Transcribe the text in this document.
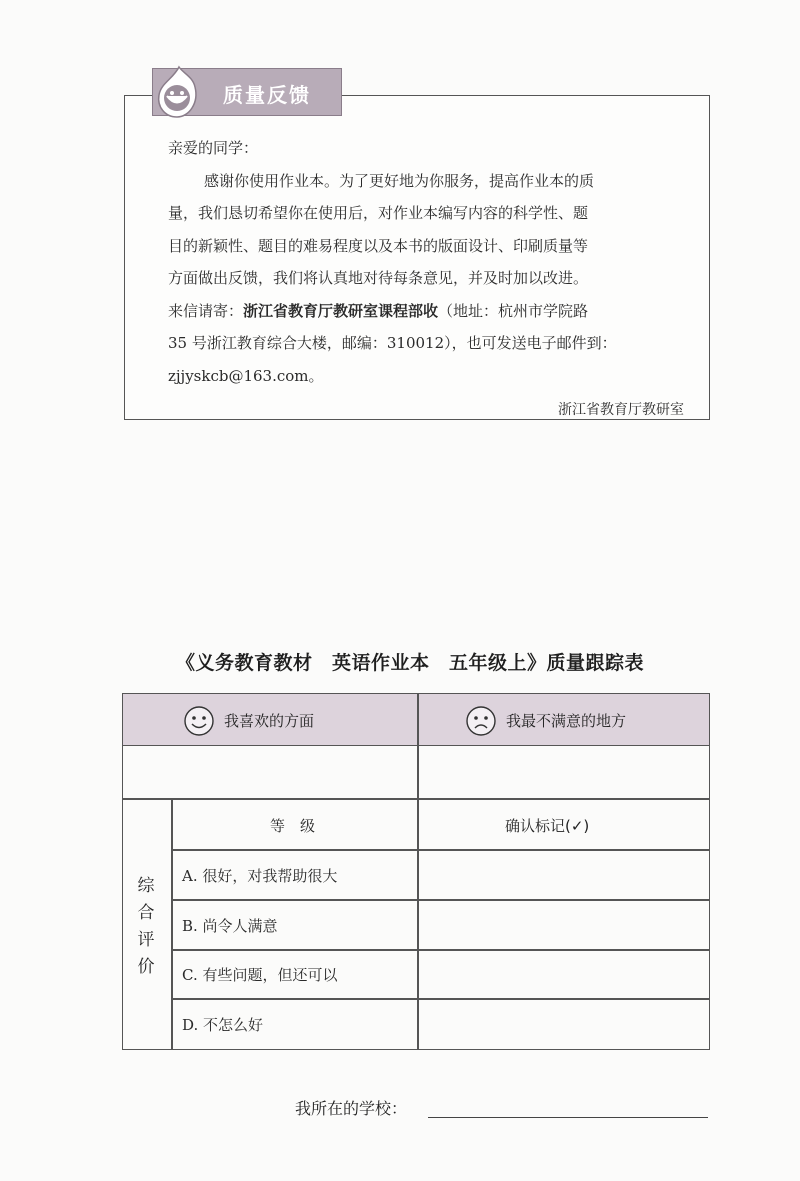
质量反馈

亲爱的同学：

感谢你使用作业本。为了更好地为你服务，提高作业本的质

量，我们恳切希望你在使用后，对作业本编写内容的科学性、题

目的新颖性、题目的难易程度以及本书的版面设计、印刷质量等

方面做出反馈，我们将认真地对待每条意见，并及时加以改进。

来信请寄：浙江省教育厅教研室课程部收（地址：杭州市学院路

35 号浙江教育综合大楼，邮编：310012），也可发送电子邮件到：

zjjyskcb@163.com。

浙江省教育厅教研室

《义务教育教材　英语作业本　五年级上》质量跟踪表
我喜欢的方面	我最不满意的地方
综
合
评
价
等　级	确认标记(✓)
A. 很好，对我帮助很大
B. 尚令人满意
C. 有些问题，但还可以
D. 不怎么好
我所在的学校：
